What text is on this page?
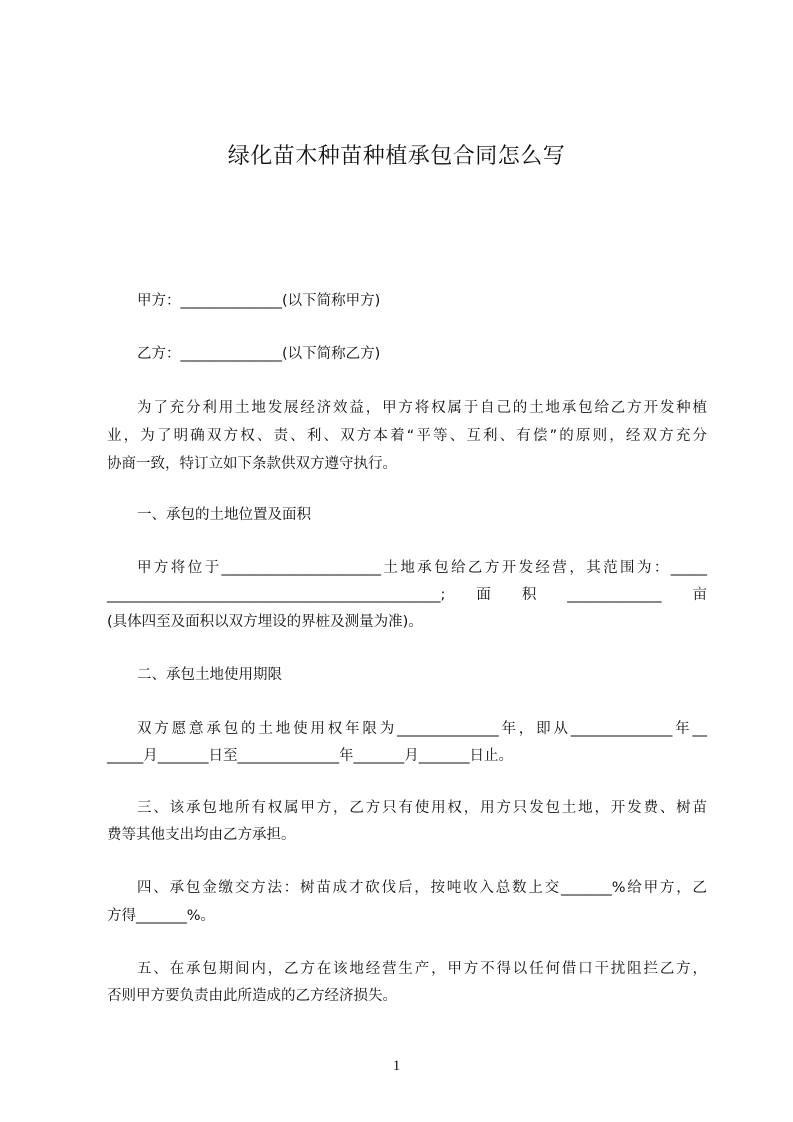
绿化苗木种苗种植承包合同怎么写
甲方：______________(以下简称甲方)
乙方：______________(以下简称乙方)
为了充分利用土地发展经济效益，甲方将权属于自己的土地承包给乙方开发种植
业，为了明确双方权、责、利、双方本着“平等、互利、有偿”的原则，经双方充分
协商一致，特订立如下条款供双方遵守执行。
一、承包的土地位置及面积
甲方将位于______________________土地承包给乙方开发经营，其范围为：_____
______________________________________________;面积_____________亩
(具体四至及面积以双方埋设的界桩及测量为准)。
二、承包土地使用期限
双方愿意承包的土地使用权年限为______________年，即从______________年__
_____月_______日至______________年_______月_______日止。
三、该承包地所有权属甲方，乙方只有使用权，用方只发包土地，开发费、树苗
费等其他支出均由乙方承担。
四、承包金缴交方法：树苗成才砍伐后，按吨收入总数上交_______%给甲方，乙
方得_______%。
五、在承包期间内，乙方在该地经营生产，甲方不得以任何借口干扰阻拦乙方，
否则甲方要负责由此所造成的乙方经济损失。
1
